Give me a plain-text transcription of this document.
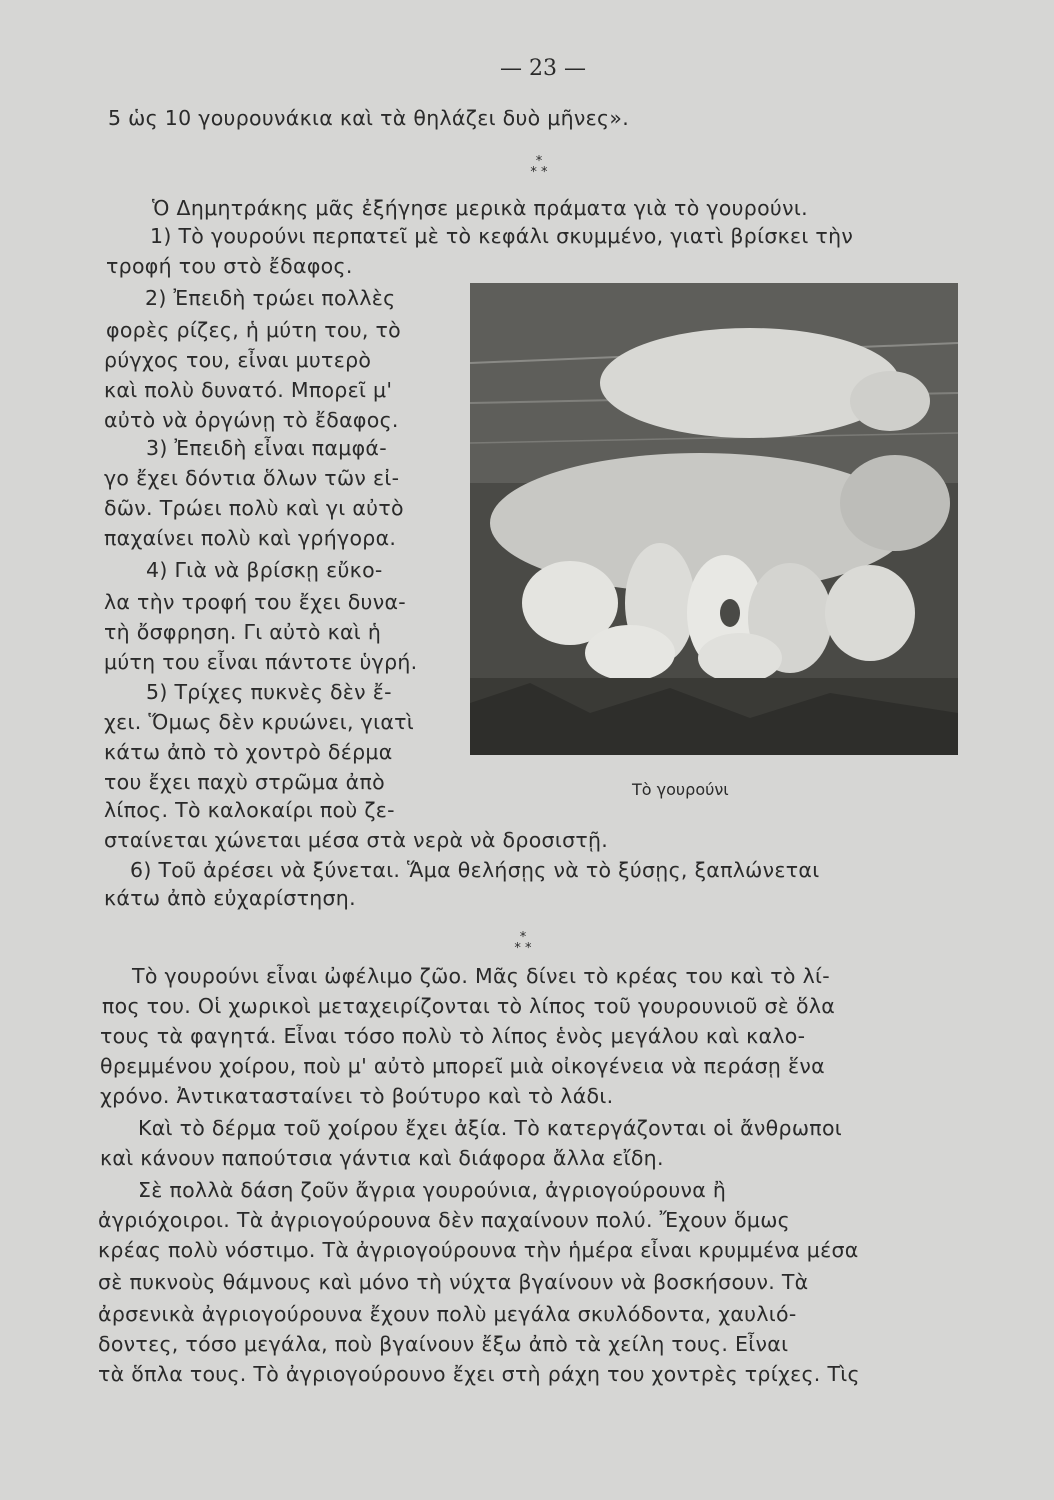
— 23 —
5 ὡς 10 γουρουνάκια καὶ τὰ θηλάζει δυὸ μῆνες».
*
* *
Ὁ Δημητράκης μᾶς ἐξήγησε μερικὰ πράματα γιὰ τὸ γουρούνι.
1) Τὸ γουρούνι περπατεῖ μὲ τὸ κεφάλι σκυμμένο, γιατὶ βρίσκει τὴν
τροφή του στὸ ἔδαφος.
2) Ἐπειδὴ τρώει πολλὲς
φορὲς ρίζες, ἡ μύτη του, τὸ
ρύγχος του, εἶναι μυτερὸ
καὶ πολὺ δυνατό. Μπορεῖ μ'
αὐτὸ νὰ ὀργώνῃ τὸ ἔδαφος.
3) Ἐπειδὴ εἶναι παμφά-
γο ἔχει δόντια ὅλων τῶν εἰ-
δῶν. Τρώει πολὺ καὶ γι αὐτὸ
παχαίνει πολὺ καὶ γρήγορα.
4) Γιὰ νὰ βρίσκῃ εὔκο-
λα τὴν τροφή του ἔχει δυνα-
τὴ ὄσφρηση. Γι αὐτὸ καὶ ἡ
μύτη του εἶναι πάντοτε ὑγρή.
5) Τρίχες πυκνὲς δὲν ἔ-
χει. Ὅμως δὲν κρυώνει, γιατὶ
κάτω ἀπὸ τὸ χοντρὸ δέρμα
του ἔχει παχὺ στρῶμα ἀπὸ
λίπος. Τὸ καλοκαίρι ποὺ ζε-
σταίνεται χώνεται μέσα στὰ νερὰ νὰ δροσιστῇ.
6) Τοῦ ἀρέσει νὰ ξύνεται. Ἅμα θελήσῃς νὰ τὸ ξύσῃς, ξαπλώνεται
κάτω ἀπὸ εὐχαρίστηση.
*
* *
Τὸ γουρούνι εἶναι ὠφέλιμο ζῶο. Μᾶς δίνει τὸ κρέας του καὶ τὸ λί-
πος του. Οἱ χωρικοὶ μεταχειρίζονται τὸ λίπος τοῦ γουρουνιοῦ σὲ ὅλα
τους τὰ φαγητά. Εἶναι τόσο πολὺ τὸ λίπος ἑνὸς μεγάλου καὶ καλο-
θρεμμένου χοίρου, ποὺ μ' αὐτὸ μπορεῖ μιὰ οἰκογένεια νὰ περάσῃ ἕνα
χρόνο. Ἀντικατασταίνει τὸ βούτυρο καὶ τὸ λάδι.
Καὶ τὸ δέρμα τοῦ χοίρου ἔχει ἀξία. Τὸ κατεργάζονται οἱ ἄνθρωποι
καὶ κάνουν παπούτσια γάντια καὶ διάφορα ἄλλα εἴδη.
Σὲ πολλὰ δάση ζοῦν ἄγρια γουρούνια, ἀγριογούρουνα ἢ
ἀγριόχοιροι. Τὰ ἀγριογούρουνα δὲν παχαίνουν πολύ. Ἔχουν ὅμως
κρέας πολὺ νόστιμο. Τὰ ἀγριογούρουνα τὴν ἡμέρα εἶναι κρυμμένα μέσα
σὲ πυκνοὺς θάμνους καὶ μόνο τὴ νύχτα βγαίνουν νὰ βοσκήσουν. Τὰ
ἀρσενικὰ ἀγριογούρουνα ἔχουν πολὺ μεγάλα σκυλόδοντα, χαυλιό-
δοντες, τόσο μεγάλα, ποὺ βγαίνουν ἔξω ἀπὸ τὰ χείλη τους. Εἶναι
τὰ ὅπλα τους. Τὸ ἀγριογούρουνο ἔχει στὴ ράχη του χοντρὲς τρίχες. Τὶς
Τὸ γουρούνι
